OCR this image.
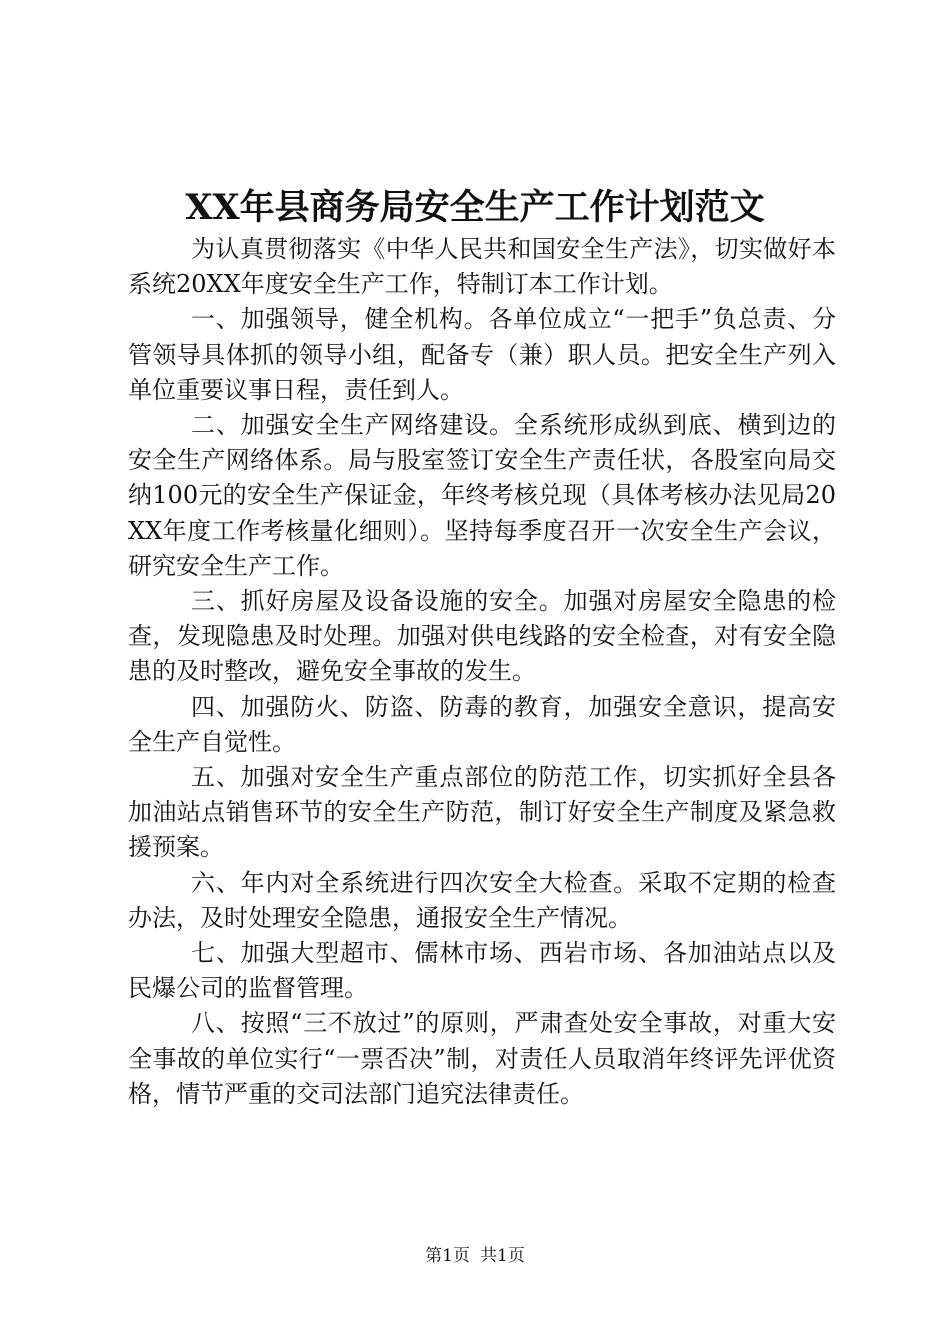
XX年县商务局安全生产工作计划范文

为认真贯彻落实《中华人民共和国安全生产法》，切实做好本系统20XX年度安全生产工作，特制订本工作计划。

一、加强领导，健全机构。各单位成立“一把手”负总责、分管领导具体抓的领导小组，配备专（兼）职人员。把安全生产列入单位重要议事日程，责任到人。

二、加强安全生产网络建设。全系统形成纵到底、横到边的安全生产网络体系。局与股室签订安全生产责任状，各股室向局交纳100元的安全生产保证金，年终考核兑现（具体考核办法见局20XX年度工作考核量化细则）。坚持每季度召开一次安全生产会议，研究安全生产工作。

三、抓好房屋及设备设施的安全。加强对房屋安全隐患的检查，发现隐患及时处理。加强对供电线路的安全检查，对有安全隐患的及时整改，避免安全事故的发生。

四、加强防火、防盗、防毒的教育，加强安全意识，提高安全生产自觉性。

五、加强对安全生产重点部位的防范工作，切实抓好全县各加油站点销售环节的安全生产防范，制订好安全生产制度及紧急救援预案。

六、年内对全系统进行四次安全大检查。采取不定期的检查办法，及时处理安全隐患，通报安全生产情况。

七、加强大型超市、儒林市场、西岩市场、各加油站点以及民爆公司的监督管理。

八、按照“三不放过”的原则，严肃查处安全事故，对重大安全事故的单位实行“一票否决”制，对责任人员取消年终评先评优资格，情节严重的交司法部门追究法律责任。

第1页 共1页
